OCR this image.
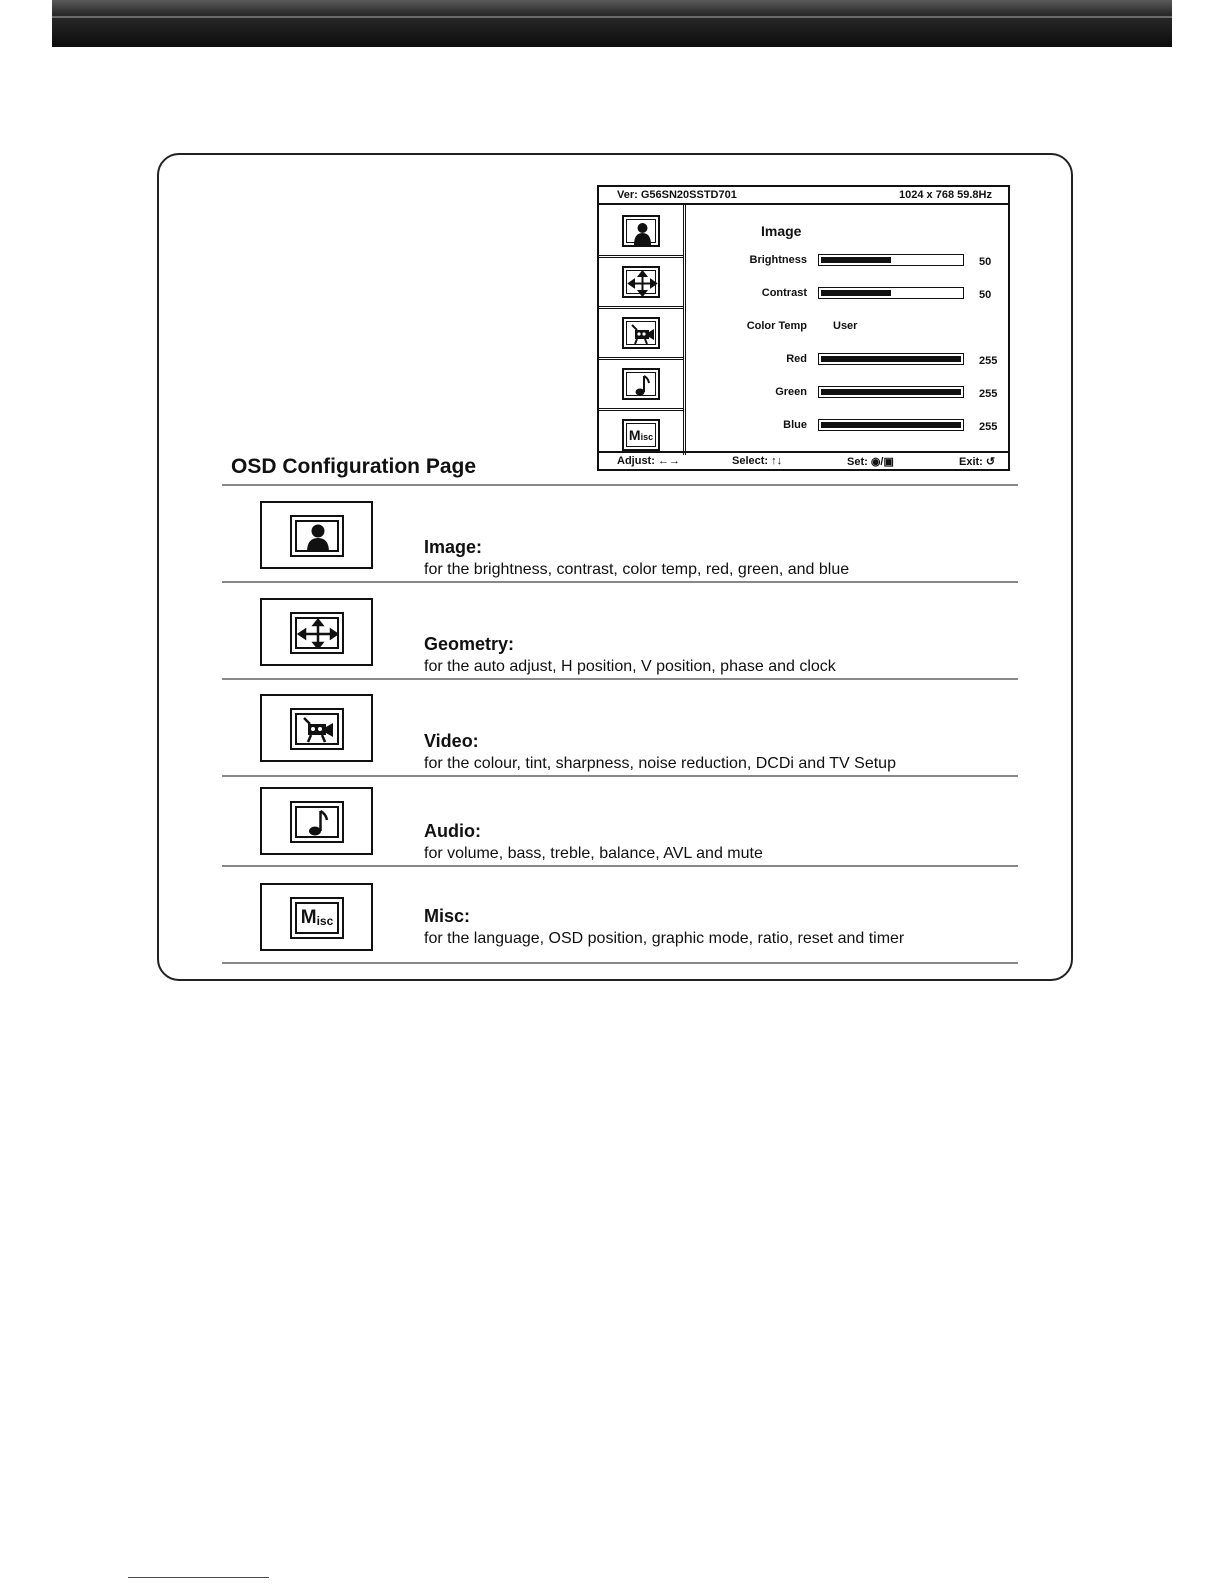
Ver: G56SN20SSTD701	1024 x 768 59.8Hz
M isc
Image
Brightness	50
Contrast	50
Color Temp User
Red	255
Green	255
Blue	255
Adjust: ←→	Select: ↑↓	Set: ◉/▣	Exit: ↺
OSD Configuration Page
Image:
for the brightness, contrast, color temp, red, green, and blue
Geometry:
for the auto adjust, H position, V position, phase and clock
Video:
for the colour, tint, sharpness, noise reduction, DCDi and TV Setup
Audio:
for volume, bass, treble, balance, AVL and mute
M isc	Misc:
for the language, OSD position, graphic mode, ratio, reset and timer
